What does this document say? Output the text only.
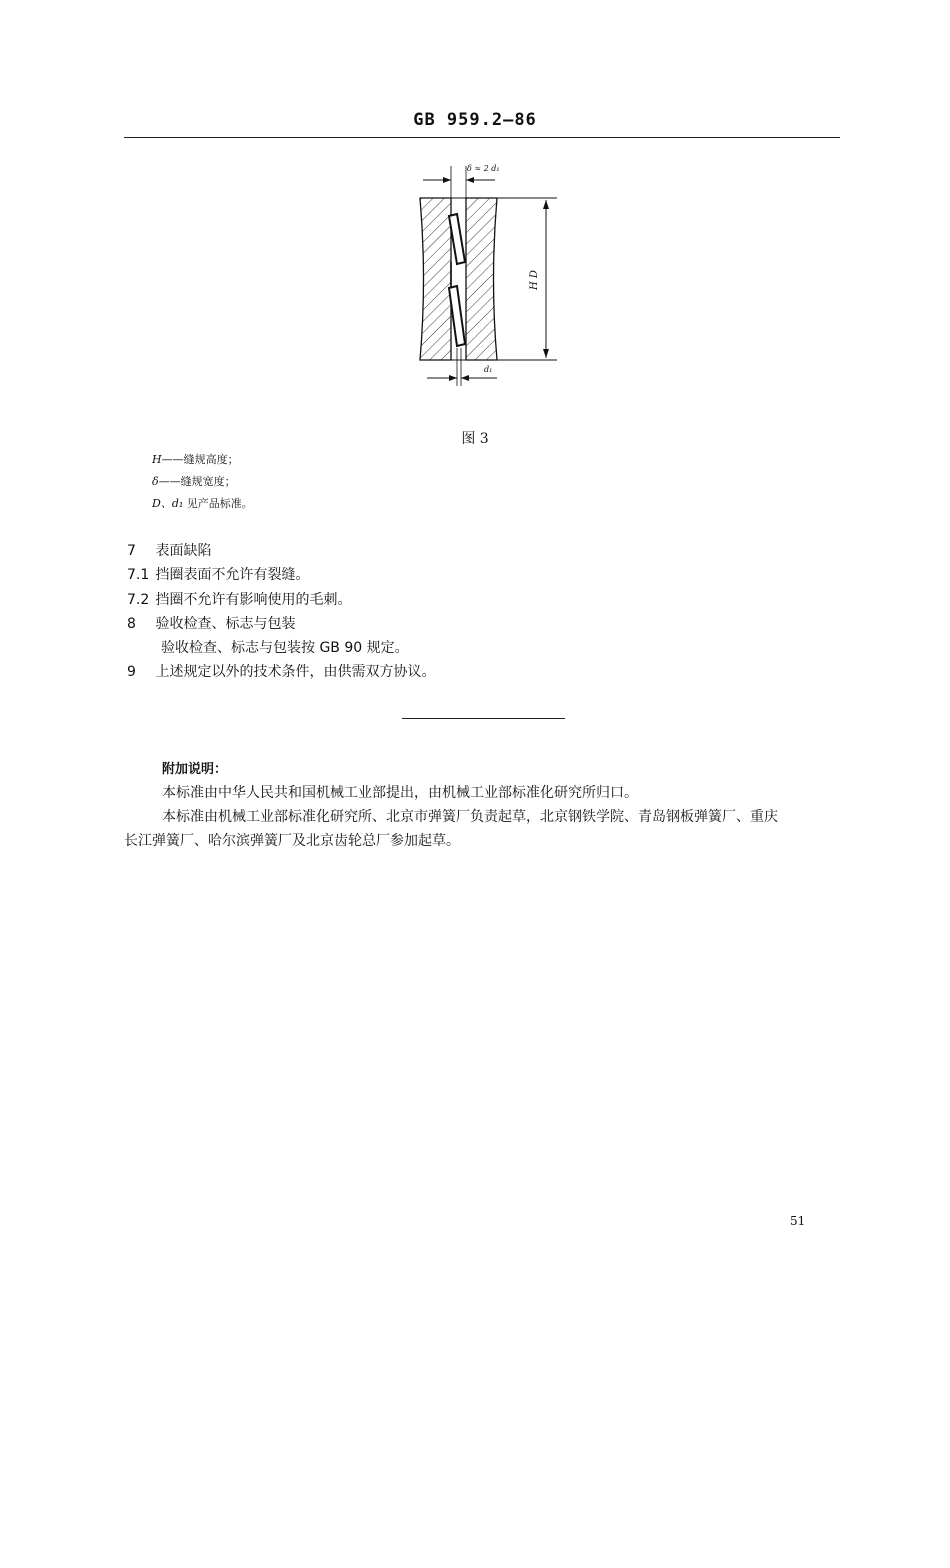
GB 959.2—86
δ ≈ 2 d₁
H D
d₁
图 3
H——缝规高度；
δ——缝规宽度；
D、d₁ 见产品标准。
7 表面缺陷
7.1 挡圈表面不允许有裂缝。
7.2 挡圈不允许有影响使用的毛刺。
8 验收检查、标志与包装
验收检查、标志与包装按 GB 90 规定。
9 上述规定以外的技术条件，由供需双方协议。
附加说明：
本标准由中华人民共和国机械工业部提出，由机械工业部标准化研究所归口。
本标准由机械工业部标准化研究所、北京市弹簧厂负责起草，北京钢铁学院、青岛钢板弹簧厂、重庆
长江弹簧厂、哈尔滨弹簧厂及北京齿轮总厂参加起草。
51
